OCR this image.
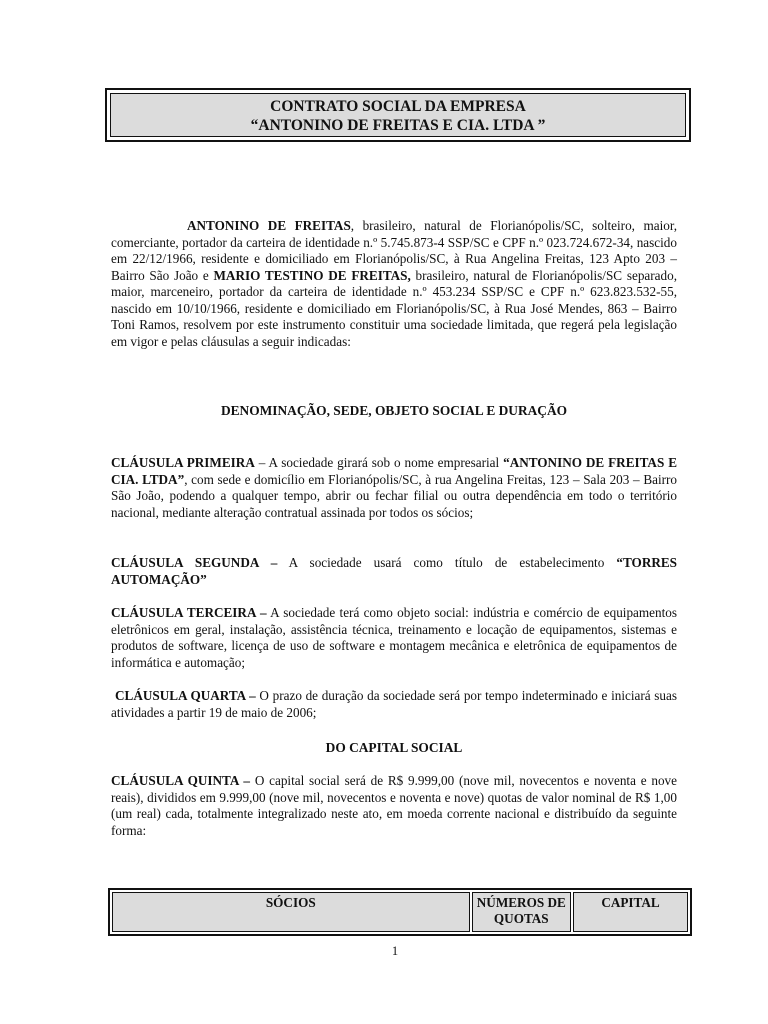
CONTRATO SOCIAL DA EMPRESA
“ANTONINO DE FREITAS E CIA. LTDA ”

ANTONINO DE FREITAS, brasileiro, natural de Florianópolis/SC, solteiro, maior, comerciante, portador da carteira de identidade n.º 5.745.873-4 SSP/SC e CPF n.º 023.724.672-34, nascido em 22/12/1966, residente e domiciliado em Florianópolis/SC, à Rua Angelina Freitas, 123 Apto 203 – Bairro São João e MARIO TESTINO DE FREITAS, brasileiro, natural de Florianópolis/SC separado, maior, marceneiro, portador da carteira de identidade n.º 453.234 SSP/SC e CPF n.º 623.823.532-55, nascido em 10/10/1966, residente e domiciliado em Florianópolis/SC, à Rua José Mendes, 863 – Bairro Toni Ramos, resolvem por este instrumento constituir uma sociedade limitada, que regerá pela legislação em vigor e pelas cláusulas a seguir indicadas:

DENOMINAÇÃO, SEDE, OBJETO SOCIAL E DURAÇÃO

CLÁUSULA PRIMEIRA – A sociedade girará sob o nome empresarial “ANTONINO DE FREITAS E CIA. LTDA”, com sede e domicílio em Florianópolis/SC, à rua Angelina Freitas, 123 – Sala 203 – Bairro São João, podendo a qualquer tempo, abrir ou fechar filial ou outra dependência em todo o território nacional, mediante alteração contratual assinada por todos os sócios;

CLÁUSULA SEGUNDA – A sociedade usará como título de estabelecimento “TORRES AUTOMAÇÃO”

CLÁUSULA TERCEIRA – A sociedade terá como objeto social: indústria e comércio de equipamentos eletrônicos em geral, instalação, assistência técnica, treinamento e locação de equipamentos, sistemas e produtos de software, licença de uso de software e montagem mecânica e eletrônica de equipamentos de informática e automação;

CLÁUSULA QUARTA – O prazo de duração da sociedade será por tempo indeterminado e iniciará suas atividades a partir 19 de maio de 2006;

DO CAPITAL SOCIAL

CLÁUSULA QUINTA – O capital social será de R$ 9.999,00 (nove mil, novecentos e noventa e nove reais), divididos em 9.999,00 (nove mil, novecentos e noventa e nove) quotas de valor nominal de R$ 1,00 (um real) cada, totalmente integralizado neste ato, em moeda corrente nacional e distribuído da seguinte forma:

SÓCIOS	NÚMEROS DE QUOTAS	CAPITAL
1
